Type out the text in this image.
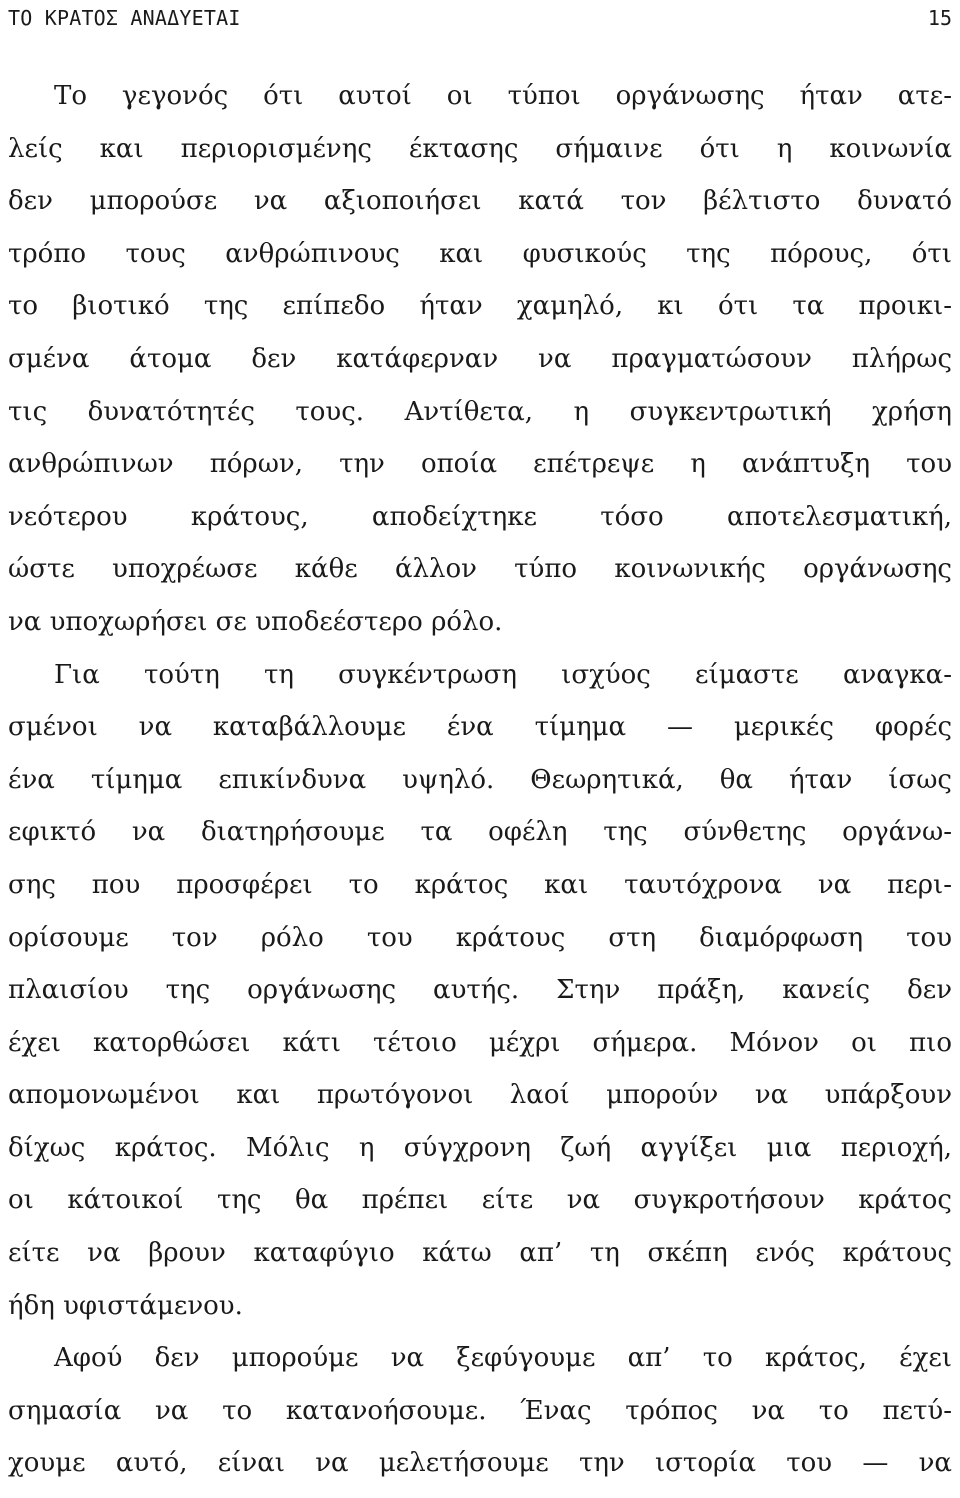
ΤΟ ΚΡΑΤΟΣ ΑΝΑΔΥΕΤΑΙ	15
Το γεγονός ότι αυτοί οι τύποι οργάνωσης ήταν ατε-
λείς και περιορισμένης έκτασης σήμαινε ότι η κοινωνία
δεν μπορούσε να αξιοποιήσει κατά τον βέλτιστο δυνατό
τρόπο τους ανθρώπινους και φυσικούς της πόρους, ότι
το βιοτικό της επίπεδο ήταν χαμηλό, κι ότι τα προικι-
σμένα άτομα δεν κατάφερναν να πραγματώσουν πλήρως
τις δυνατότητές τους. Αντίθετα, η συγκεντρωτική χρήση
ανθρώπινων πόρων, την οποία επέτρεψε η ανάπτυξη του
νεότερου κράτους, αποδείχτηκε τόσο αποτελεσματική,
ώστε υποχρέωσε κάθε άλλον τύπο κοινωνικής οργάνωσης
να υποχωρήσει σε υποδεέστερο ρόλο.
Για τούτη τη συγκέντρωση ισχύος είμαστε αναγκα-
σμένοι να καταβάλλουμε ένα τίμημα — μερικές φορές
ένα τίμημα επικίνδυνα υψηλό. Θεωρητικά, θα ήταν ίσως
εφικτό να διατηρήσουμε τα οφέλη της σύνθετης οργάνω-
σης που προσφέρει το κράτος και ταυτόχρονα να περι-
ορίσουμε τον ρόλο του κράτους στη διαμόρφωση του
πλαισίου της οργάνωσης αυτής. Στην πράξη, κανείς δεν
έχει κατορθώσει κάτι τέτοιο μέχρι σήμερα. Μόνον οι πιο
απομονωμένοι και πρωτόγονοι λαοί μπορούν να υπάρξουν
δίχως κράτος. Μόλις η σύγχρονη ζωή αγγίξει μια περιοχή,
οι κάτοικοί της θα πρέπει είτε να συγκροτήσουν κράτος
είτε να βρουν καταφύγιο κάτω απ’ τη σκέπη ενός κράτους
ήδη υφιστάμενου.
Αφού δεν μπορούμε να ξεφύγουμε απ’ το κράτος, έχει
σημασία να το κατανοήσουμε. Ένας τρόπος να το πετύ-
χουμε αυτό, είναι να μελετήσουμε την ιστορία του — να
